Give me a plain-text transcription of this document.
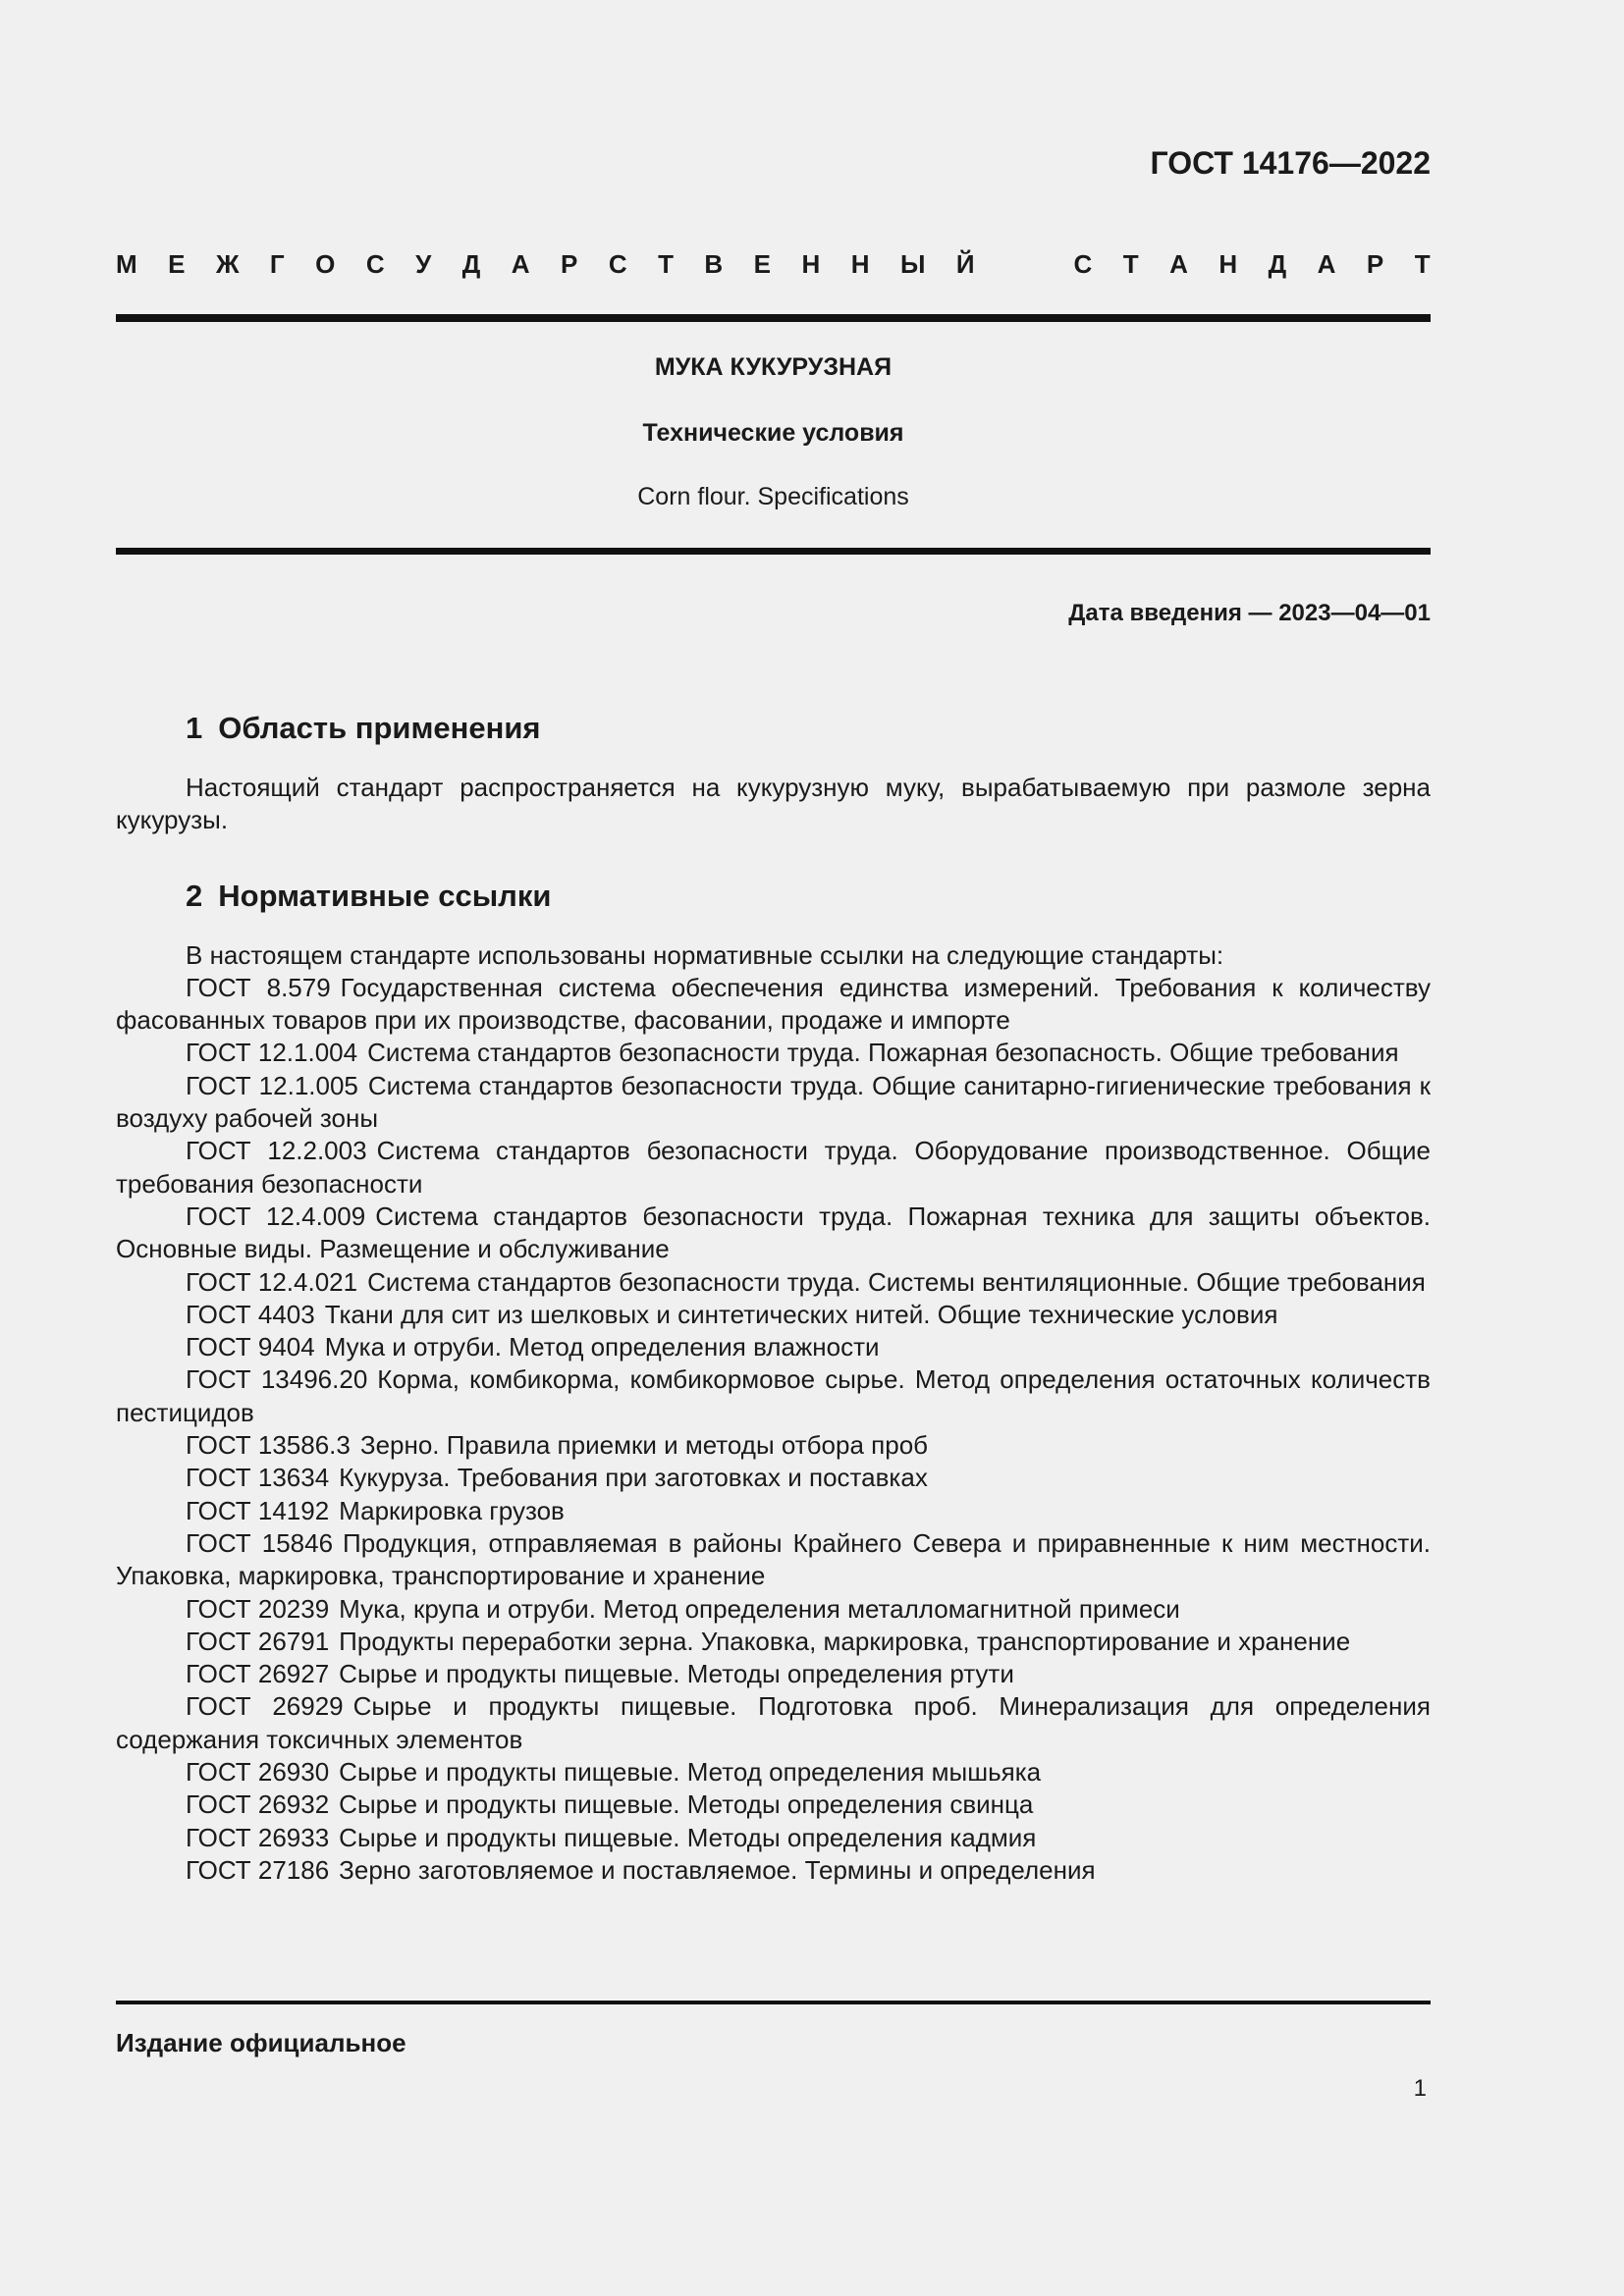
ГОСТ 14176—2022

М Е Ж Г О С У Д А Р С Т В Е Н Н Ы Й	С Т А Н Д А Р Т

МУКА КУКУРУЗНАЯ

Технические условия

Corn flour. Specifications

Дата введения — 2023—04—01

1 Область применения

Настоящий стандарт распространяется на кукурузную муку, вырабатываемую при размоле зерна кукурузы.

2 Нормативные ссылки

В настоящем стандарте использованы нормативные ссылки на следующие стандарты:

ГОСТ 8.579 Государственная система обеспечения единства измерений. Требования к количеству фасованных товаров при их производстве, фасовании, продаже и импорте
ГОСТ 12.1.004 Система стандартов безопасности труда. Пожарная безопасность. Общие требования
ГОСТ 12.1.005 Система стандартов безопасности труда. Общие санитарно-гигиенические требования к воздуху рабочей зоны
ГОСТ 12.2.003 Система стандартов безопасности труда. Оборудование производственное. Общие требования безопасности
ГОСТ 12.4.009 Система стандартов безопасности труда. Пожарная техника для защиты объектов. Основные виды. Размещение и обслуживание
ГОСТ 12.4.021 Система стандартов безопасности труда. Системы вентиляционные. Общие требования
ГОСТ 4403 Ткани для сит из шелковых и синтетических нитей. Общие технические условия
ГОСТ 9404 Мука и отруби. Метод определения влажности
ГОСТ 13496.20 Корма, комбикорма, комбикормовое сырье. Метод определения остаточных количеств пестицидов
ГОСТ 13586.3 Зерно. Правила приемки и методы отбора проб
ГОСТ 13634 Кукуруза. Требования при заготовках и поставках
ГОСТ 14192 Маркировка грузов
ГОСТ 15846 Продукция, отправляемая в районы Крайнего Севера и приравненные к ним местности. Упаковка, маркировка, транспортирование и хранение
ГОСТ 20239 Мука, крупа и отруби. Метод определения металломагнитной примеси
ГОСТ 26791 Продукты переработки зерна. Упаковка, маркировка, транспортирование и хранение
ГОСТ 26927 Сырье и продукты пищевые. Методы определения ртути
ГОСТ 26929 Сырье и продукты пищевые. Подготовка проб. Минерализация для определения содержания токсичных элементов
ГОСТ 26930 Сырье и продукты пищевые. Метод определения мышьяка
ГОСТ 26932 Сырье и продукты пищевые. Методы определения свинца
ГОСТ 26933 Сырье и продукты пищевые. Методы определения кадмия
ГОСТ 27186 Зерно заготовляемое и поставляемое. Термины и определения

Издание официальное

1
